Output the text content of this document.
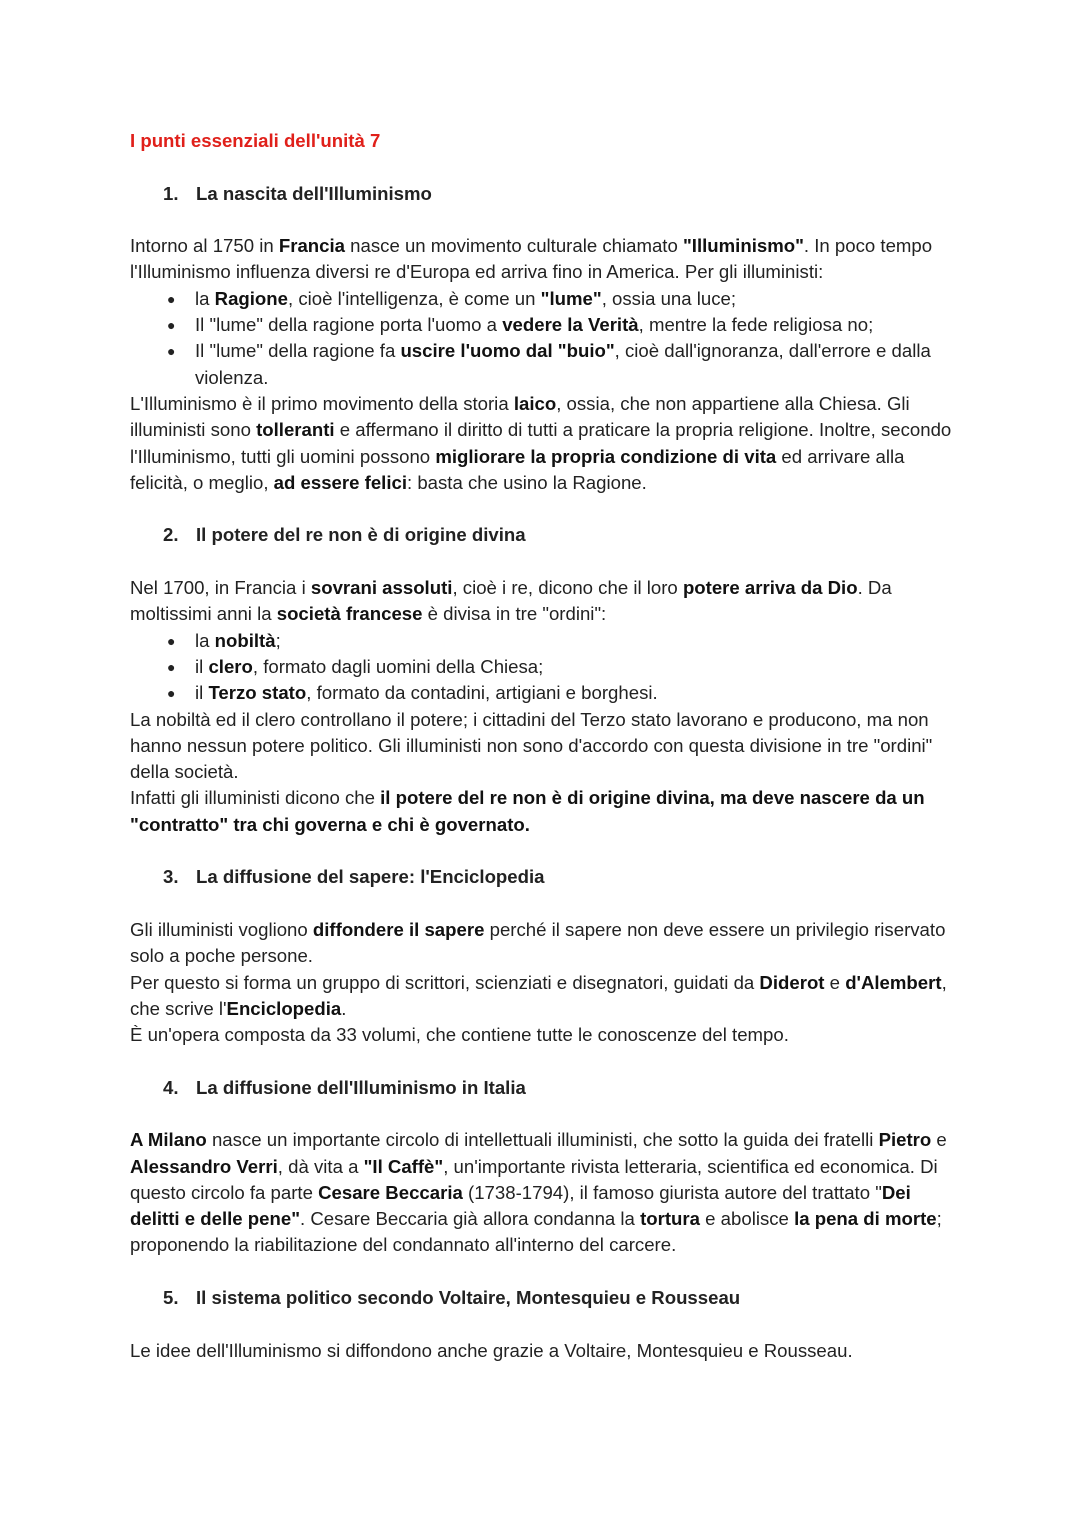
I punti essenziali dell'unità 7

1. La nascita dell'Illuminismo

Intorno al 1750 in Francia nasce un movimento culturale chiamato "Illuminismo". In poco tempo l'Illuminismo influenza diversi re d'Europa ed arriva fino in America. Per gli illuministi:

● la Ragione, cioè l'intelligenza, è come un "lume", ossia una luce;
● Il "lume" della ragione porta l'uomo a vedere la Verità, mentre la fede religiosa no;
● Il "lume" della ragione fa uscire l'uomo dal "buio", cioè dall'ignoranza, dall'errore e dalla violenza.

L'Illuminismo è il primo movimento della storia laico, ossia, che non appartiene alla Chiesa. Gli illuministi sono tolleranti e affermano il diritto di tutti a praticare la propria religione. Inoltre, secondo l'Illuminismo, tutti gli uomini possono migliorare la propria condizione di vita ed arrivare alla felicità, o meglio, ad essere felici: basta che usino la Ragione.

2. Il potere del re non è di origine divina

Nel 1700, in Francia i sovrani assoluti, cioè i re, dicono che il loro potere arriva da Dio. Da moltissimi anni la società francese è divisa in tre "ordini":

● la nobiltà;
● il clero, formato dagli uomini della Chiesa;
● il Terzo stato, formato da contadini, artigiani e borghesi.

La nobiltà ed il clero controllano il potere; i cittadini del Terzo stato lavorano e producono, ma non hanno nessun potere politico. Gli illuministi non sono d'accordo con questa divisione in tre "ordini" della società.

Infatti gli illuministi dicono che il potere del re non è di origine divina, ma deve nascere da un "contratto" tra chi governa e chi è governato.

3. La diffusione del sapere: l'Enciclopedia

Gli illuministi vogliono diffondere il sapere perché il sapere non deve essere un privilegio riservato solo a poche persone.

Per questo si forma un gruppo di scrittori, scienziati e disegnatori, guidati da Diderot e d'Alembert, che scrive l'Enciclopedia.

È un'opera composta da 33 volumi, che contiene tutte le conoscenze del tempo.

4. La diffusione dell'Illuminismo in Italia

A Milano nasce un importante circolo di intellettuali illuministi, che sotto la guida dei fratelli Pietro e Alessandro Verri, dà vita a "Il Caffè", un'importante rivista letteraria, scientifica ed economica. Di questo circolo fa parte Cesare Beccaria (1738-1794), il famoso giurista autore del trattato "Dei delitti e delle pene". Cesare Beccaria già allora condanna la tortura e abolisce la pena di morte; proponendo la riabilitazione del condannato all'interno del carcere.

5. Il sistema politico secondo Voltaire, Montesquieu e Rousseau

Le idee dell'Illuminismo si diffondono anche grazie a Voltaire, Montesquieu e Rousseau.
